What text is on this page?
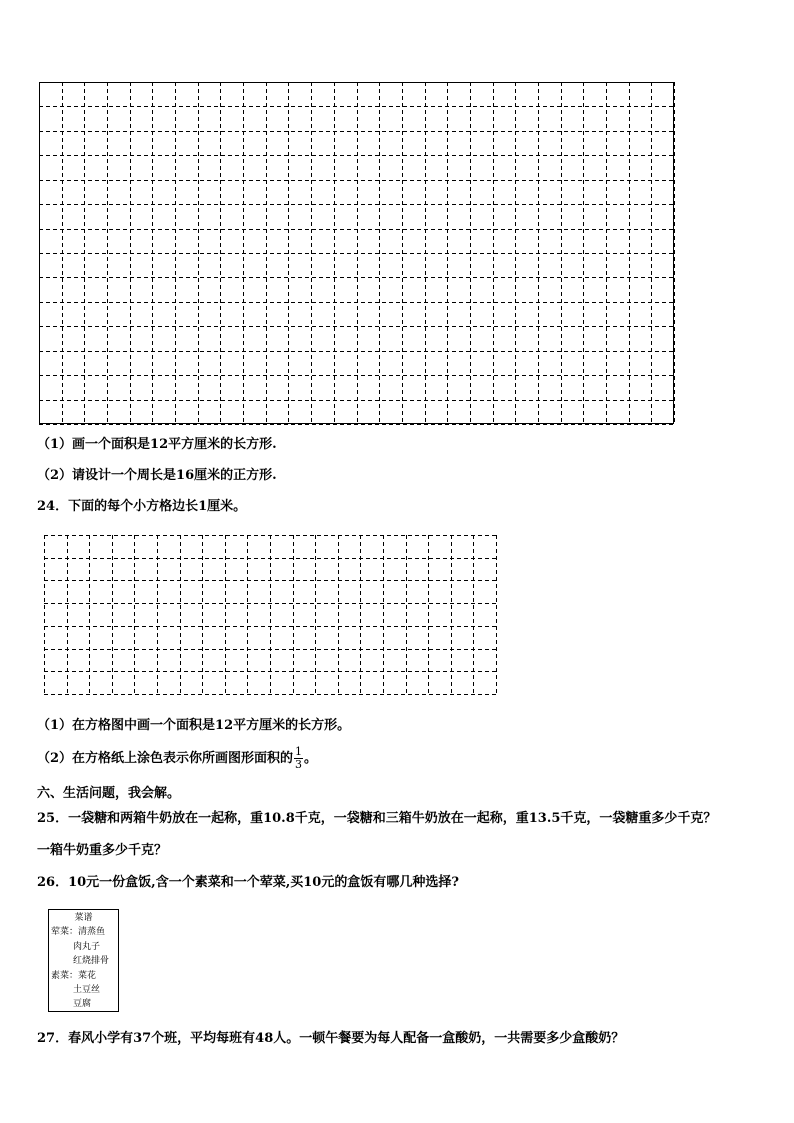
（1）画一个面积是12平方厘米的长方形.
（2）请设计一个周长是16厘米的正方形.
24．下面的每个小方格边长1厘米。
（1）在方格图中画一个面积是12平方厘米的长方形。
（2）在方格纸上涂色表示你所画图形面积的 $\frac{1}{3}$ 。
六、生活问题，我会解。
25．一袋糖和两箱牛奶放在一起称，重10.8千克，一袋糖和三箱牛奶放在一起称，重13.5千克，一袋糖重多少千克？
一箱牛奶重多少千克？
26．10元一份盒饭,含一个素菜和一个荤菜,买10元的盒饭有哪几种选择?
菜谱
荤菜：清蒸鱼
肉丸子
红烧排骨
素菜：菜花
土豆丝
豆腐
27．春风小学有37个班，平均每班有48人。一顿午餐要为每人配备一盒酸奶，一共需要多少盒酸奶？
